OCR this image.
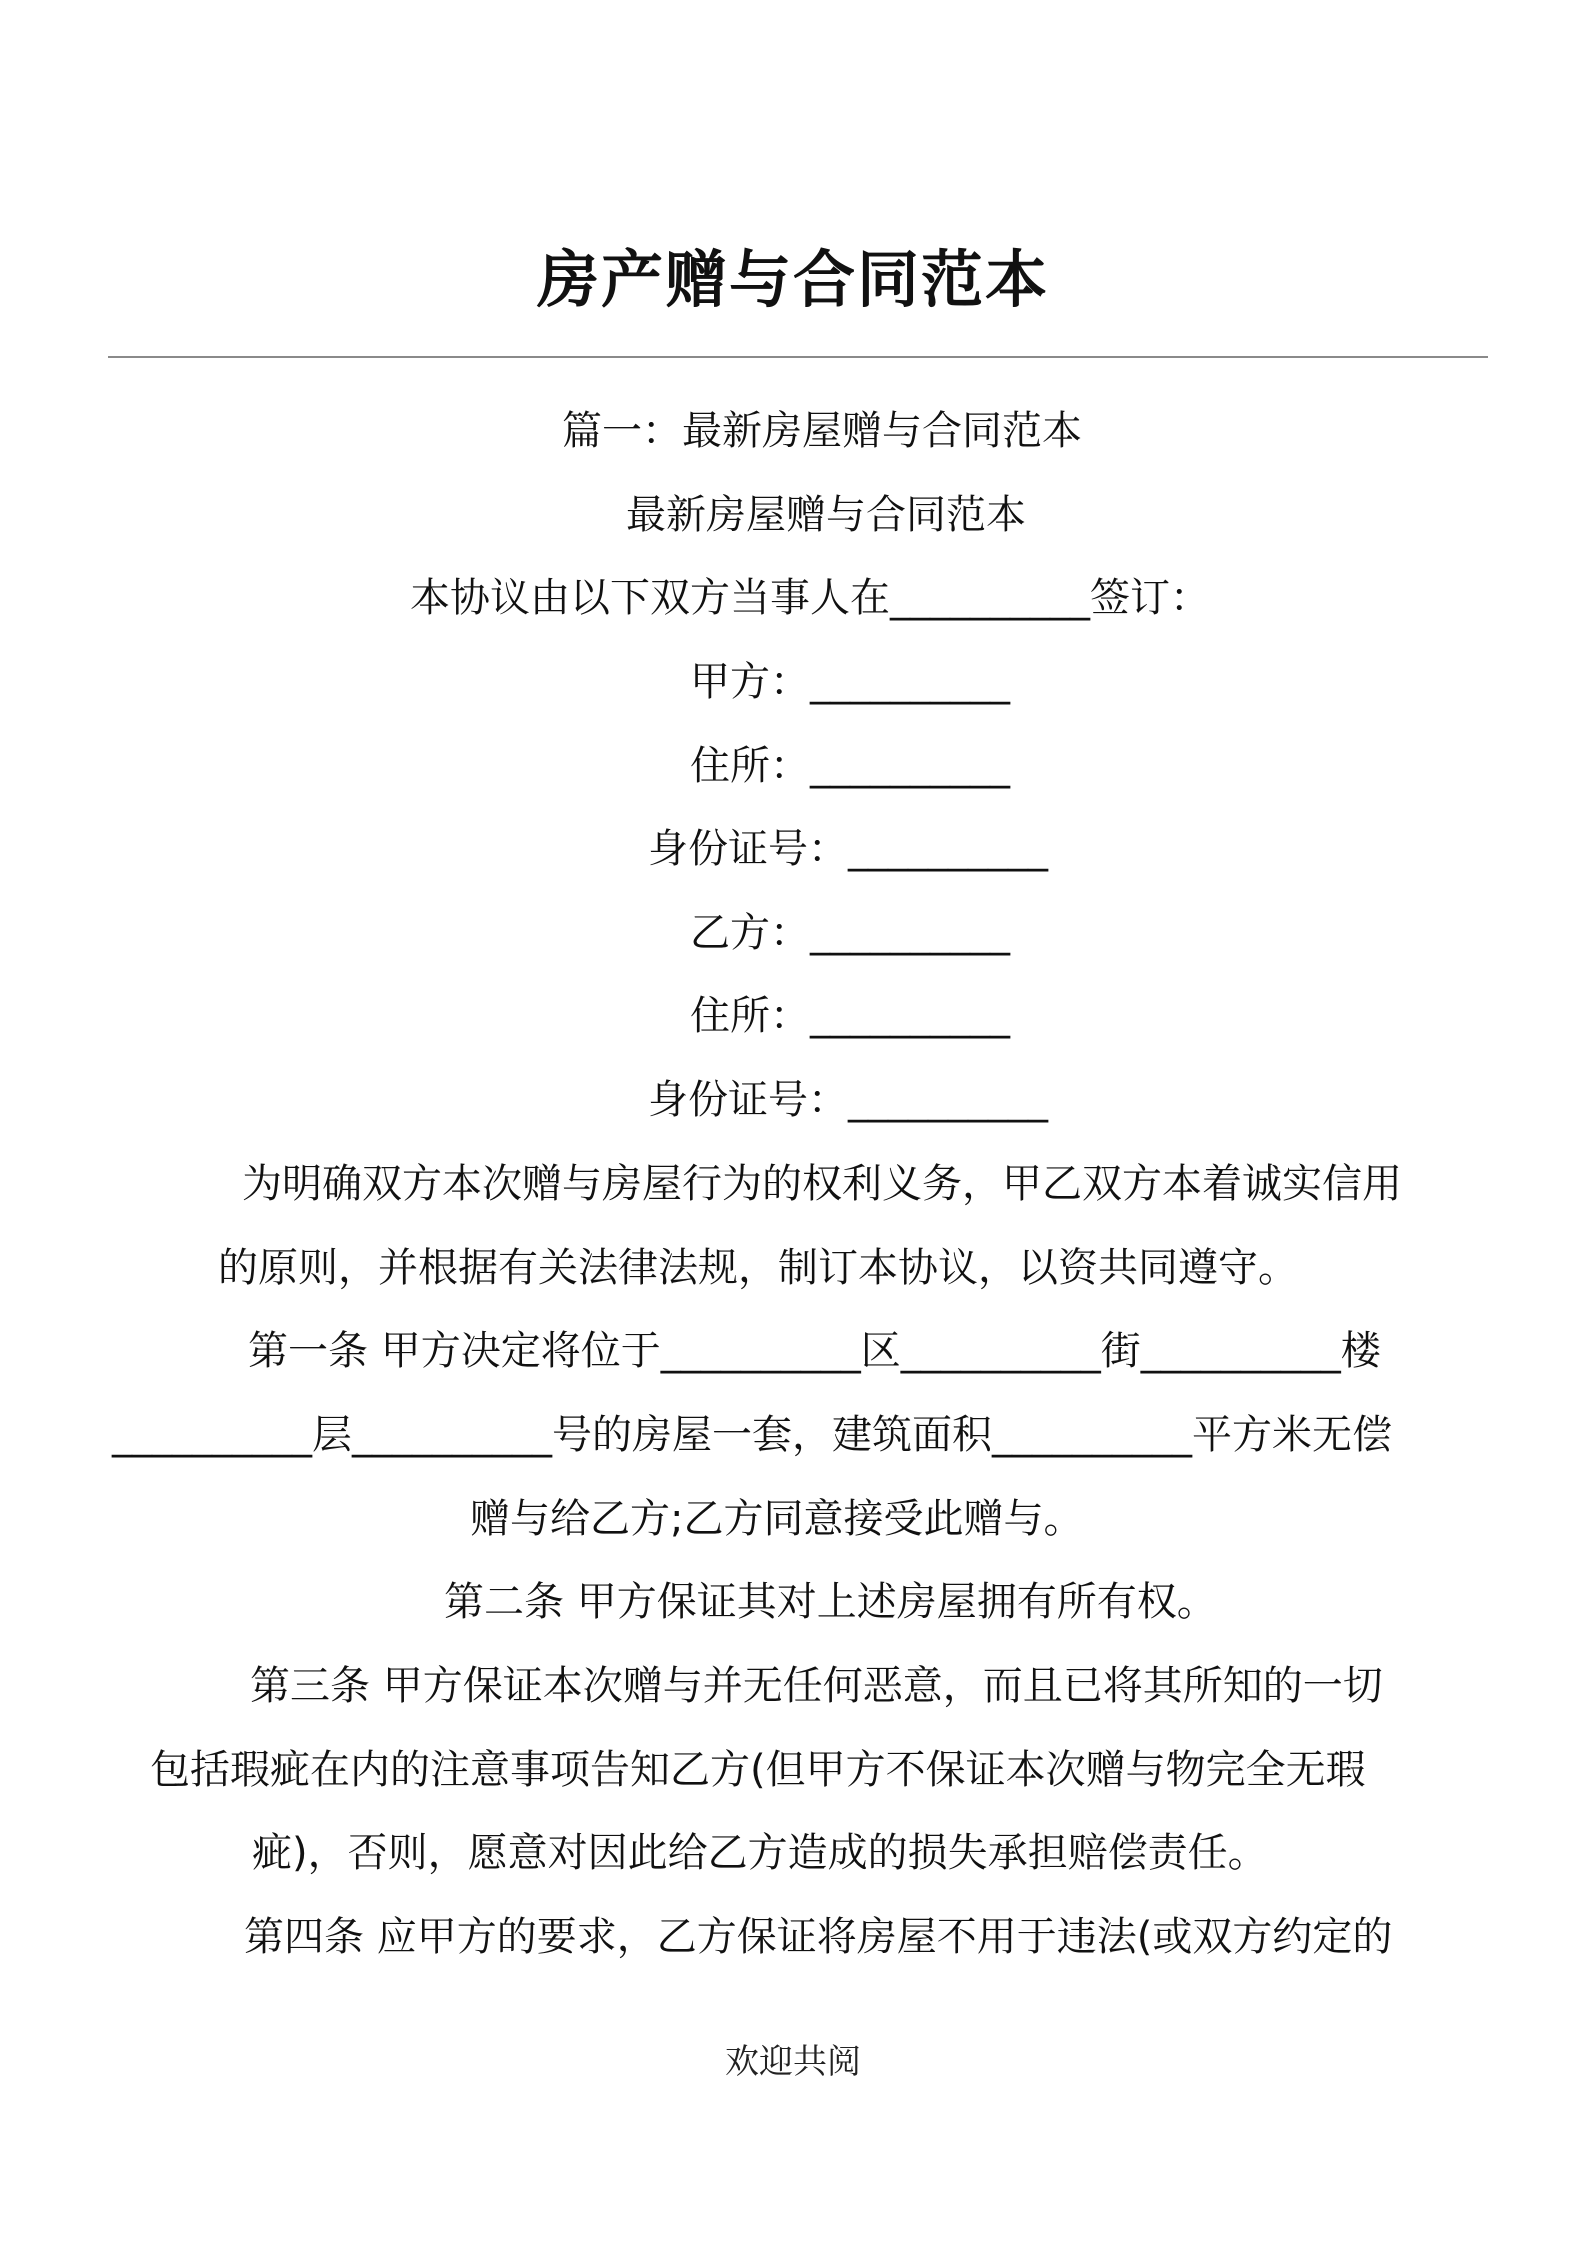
房产赠与合同范本
篇一：最新房屋赠与合同范本
最新房屋赠与合同范本
本协议由以下双方当事人在__________签订：
甲方：__________
住所：__________
身份证号：__________
乙方：__________
住所：__________
身份证号：__________
为明确双方本次赠与房屋行为的权利义务，甲乙双方本着诚实信用
的原则，并根据有关法律法规，制订本协议，以资共同遵守。
第一条 甲方决定将位于__________区__________街__________楼
__________层__________号的房屋一套，建筑面积__________平方米无偿
赠与给乙方;乙方同意接受此赠与。
第二条 甲方保证其对上述房屋拥有所有权。
第三条 甲方保证本次赠与并无任何恶意，而且已将其所知的一切
包括瑕疵在内的注意事项告知乙方(但甲方不保证本次赠与物完全无瑕
疵)，否则，愿意对因此给乙方造成的损失承担赔偿责任。
第四条 应甲方的要求，乙方保证将房屋不用于违法(或双方约定的
欢迎共阅
